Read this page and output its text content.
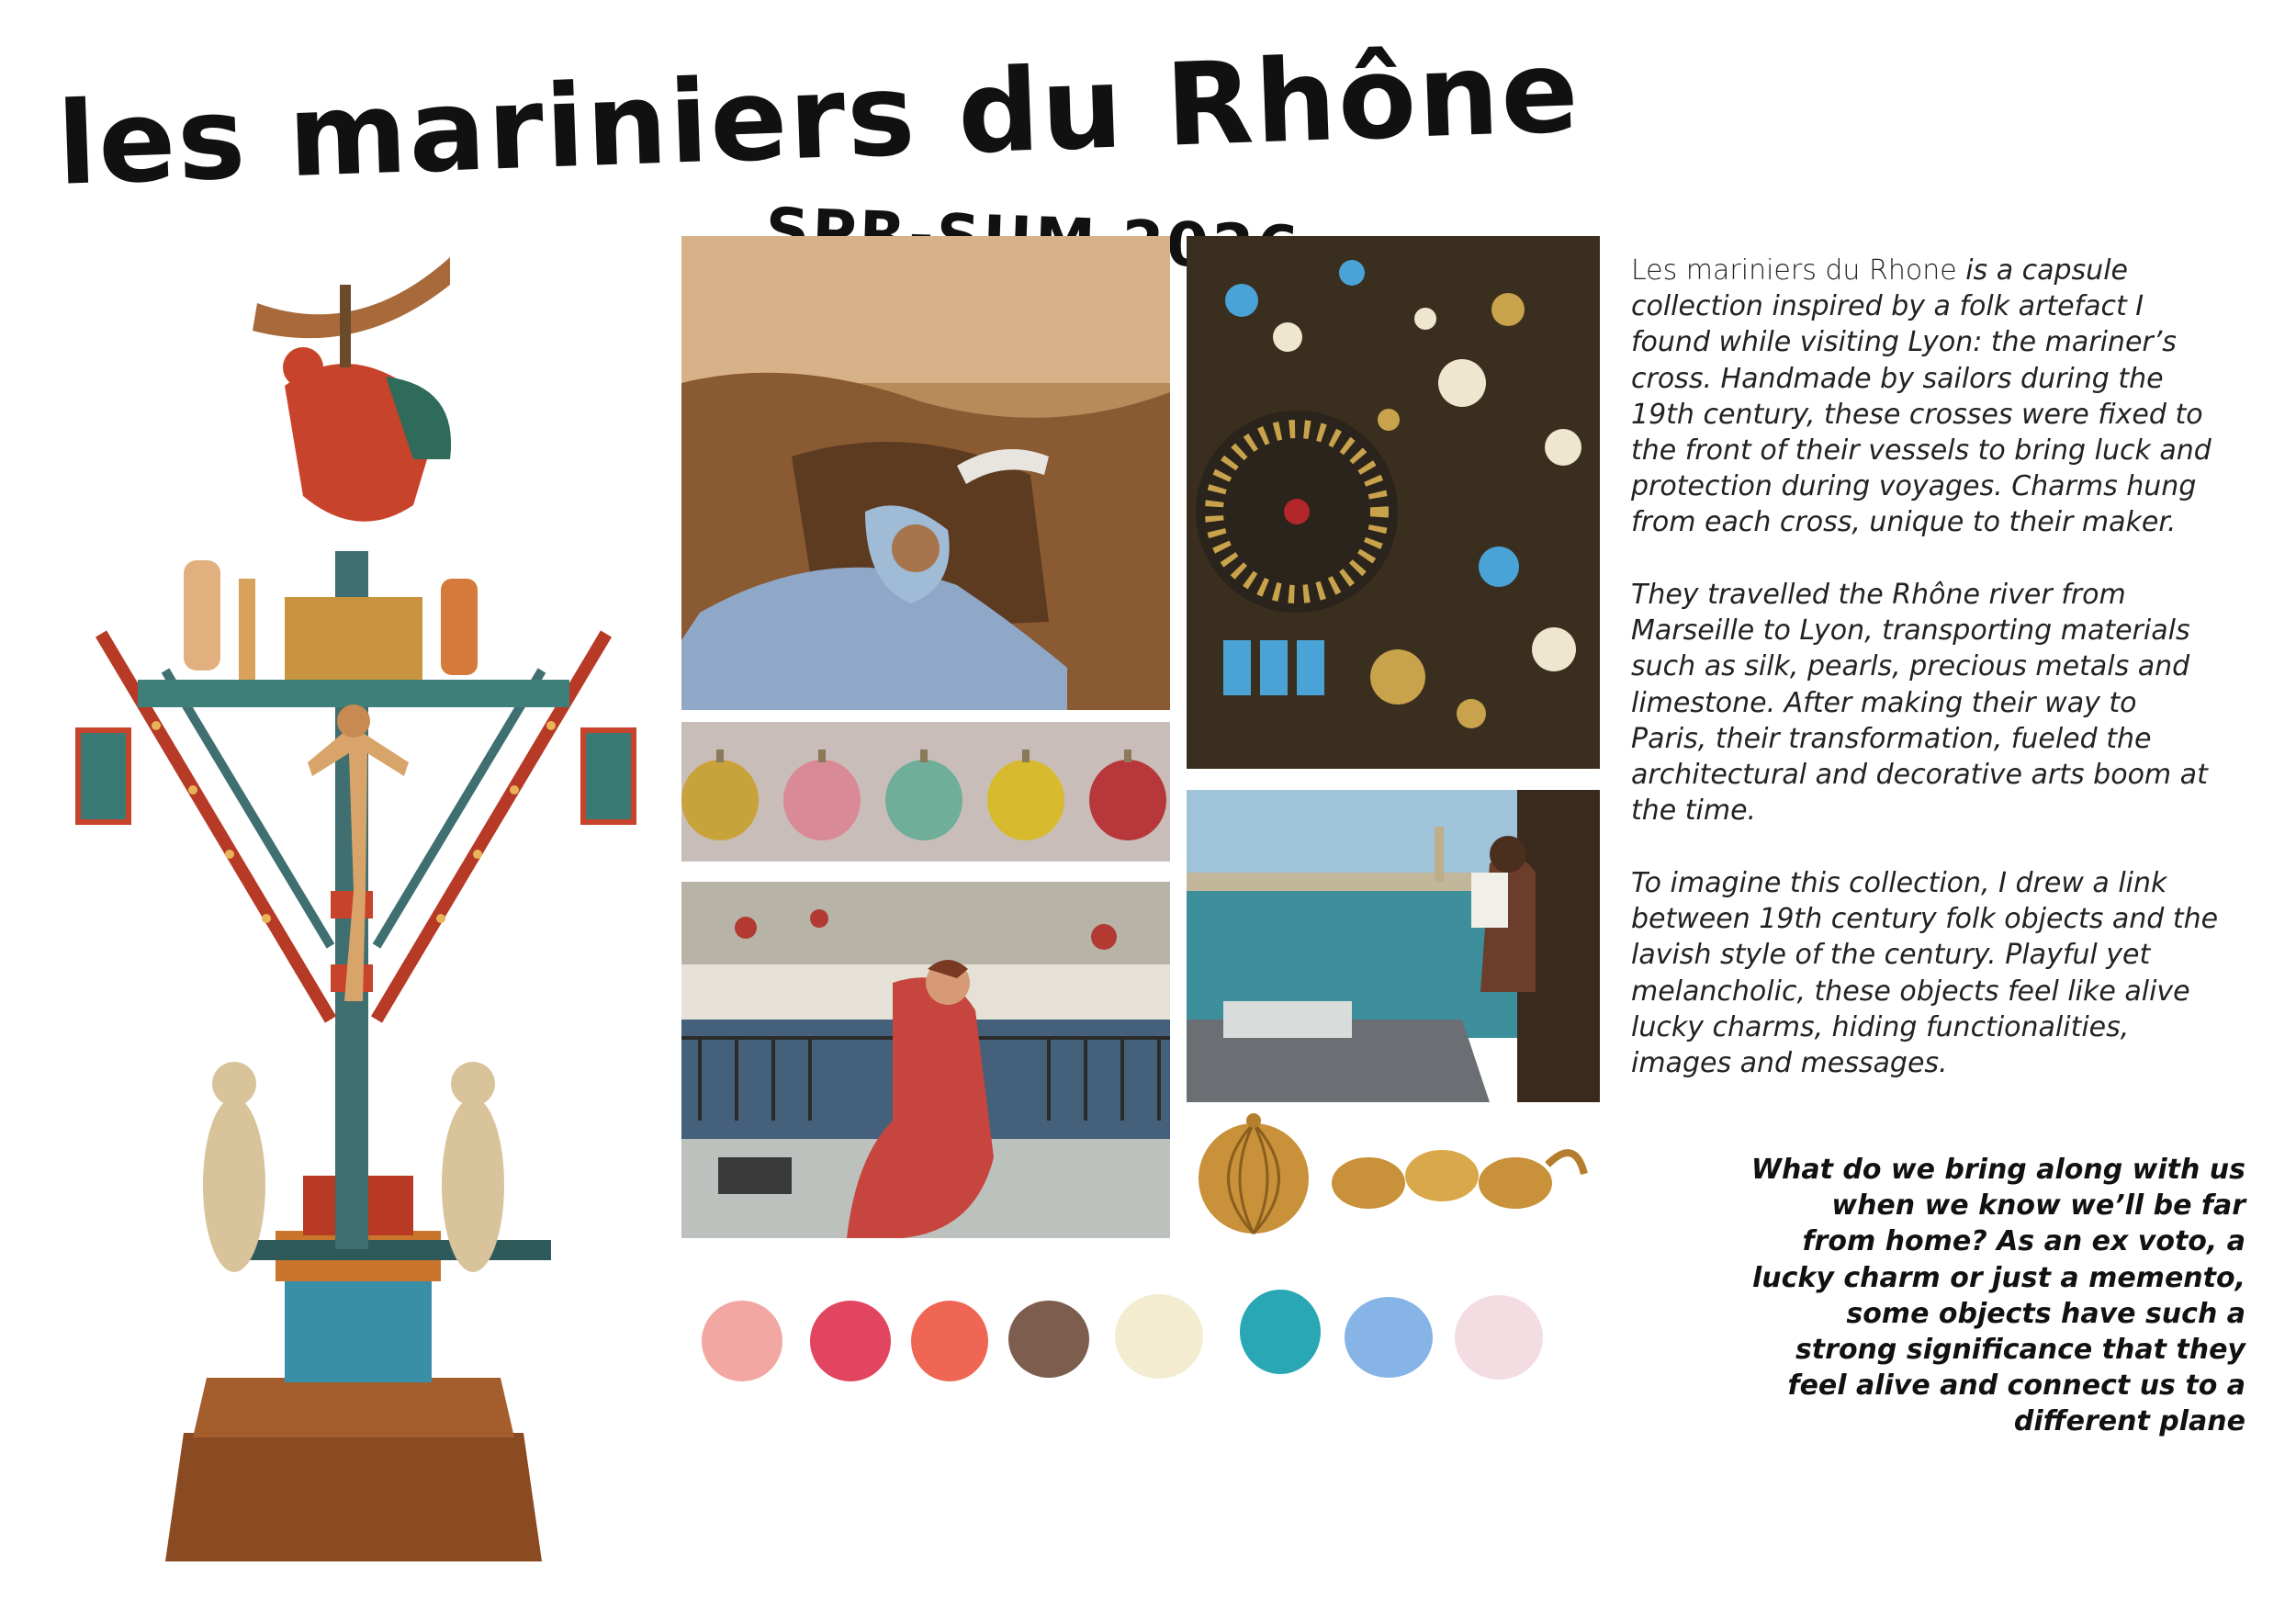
les mariniers du Rhône
SPR-SUM	Les mariniers du Rhone is a capsule collection inspired by a folk artefact I found while visiting Lyon: the mariner’s cross. Handmade by sailors during the 19th century, these crosses were fixed to the front of their vessels to bring luck and protection during voyages. Charms hung from each cross, unique to their maker.
They travelled the Rhône river from Marseille to Lyon, transporting materials such as silk, pearls, precious metals and limestone. After making their way to Paris, their transformation, fueled the architectural and decorative arts boom at the time.
To imagine this collection, I drew a link between 19th century folk objects and the lavish style of the century. Playful yet melancholic, these objects feel like alive lucky charms, hiding functionalities, images and messages.
What do we bring along with us when we know we’ll be far from home? As an ex voto, a lucky charm or just a memento, some objects have such a strong significance that they feel alive and connect us to a different plane
